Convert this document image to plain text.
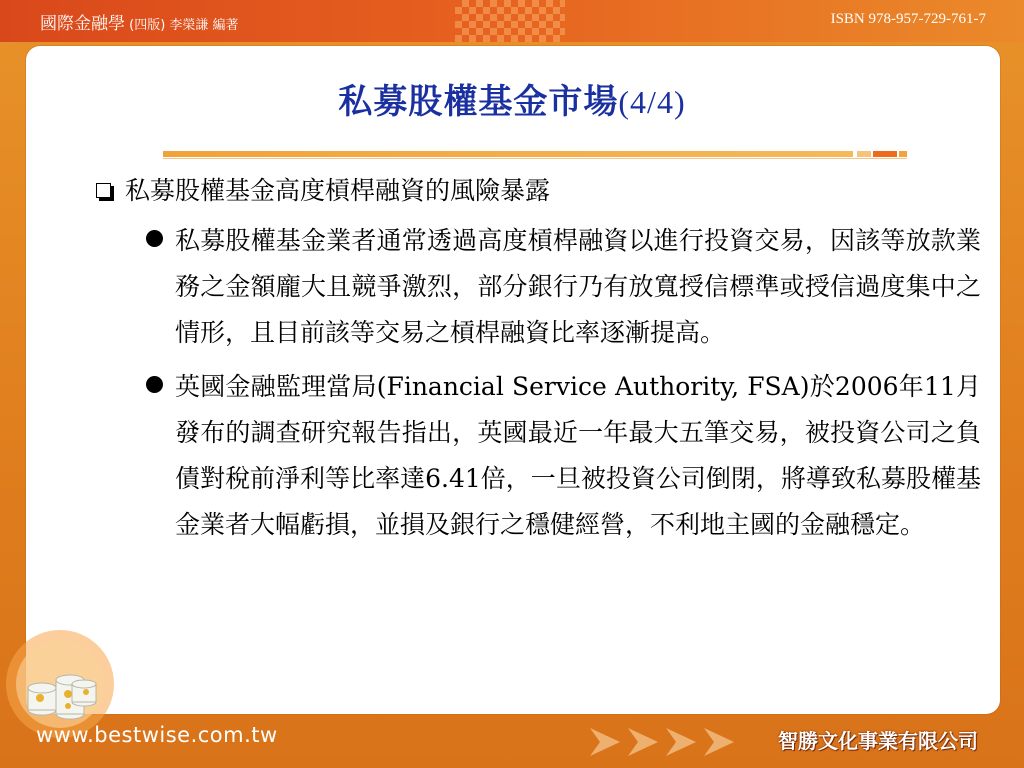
國際金融學 (四版) 李榮謙 編著	ISBN 978-957-729-761-7
私募股權基金市場(4/4)
私募股權基金高度槓桿融資的風險暴露
私募股權基金業者通常透過高度槓桿融資以進行投資交易，因該等放款業務之金額龐大且競爭激烈，部分銀行乃有放寬授信標準或授信過度集中之情形，且目前該等交易之槓桿融資比率逐漸提高。
英國金融監理當局(Financial Service Authority, FSA)於2006年11月發布的調查研究報告指出，英國最近一年最大五筆交易，被投資公司之負債對稅前淨利等比率達6.41倍，一旦被投資公司倒閉，將導致私募股權基金業者大幅虧損，並損及銀行之穩健經營，不利地主國的金融穩定。
www.bestwise.com.tw	智勝文化事業有限公司
